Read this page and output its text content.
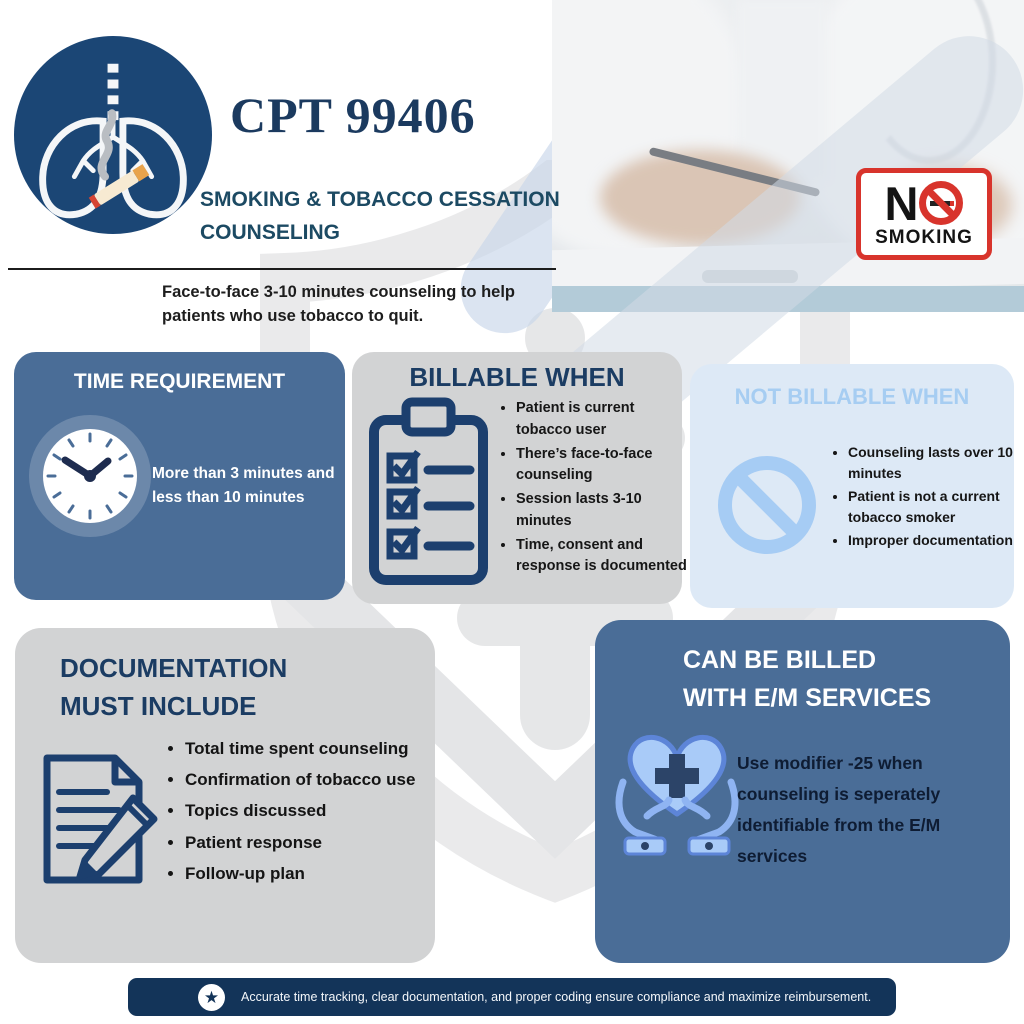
CPT 99406
SMOKING & TOBACCO CESSATION COUNSELING
Face-to-face 3-10 minutes counseling to help patients who use tobacco to quit.
N
SMOKING
TIME REQUIREMENT
More than 3 minutes and less than 10 minutes
BILLABLE WHEN
• Patient is current tobacco user
• There’s face-to-face counseling
• Session lasts 3-10 minutes
• Time, consent and response is documented
NOT BILLABLE WHEN
• Counseling lasts over 10 minutes
• Patient is not a current tobacco smoker
• Improper documentation
DOCUMENTATION
MUST INCLUDE
• Total time spent counseling
• Confirmation of tobacco use
• Topics discussed
• Patient response
• Follow-up plan
CAN BE BILLED
WITH E/M SERVICES
Use modifier -25 when counseling is seperately identifiable from the E/M services
★	Accurate time tracking, clear documentation, and proper coding ensure compliance and maximize reimbursement.
